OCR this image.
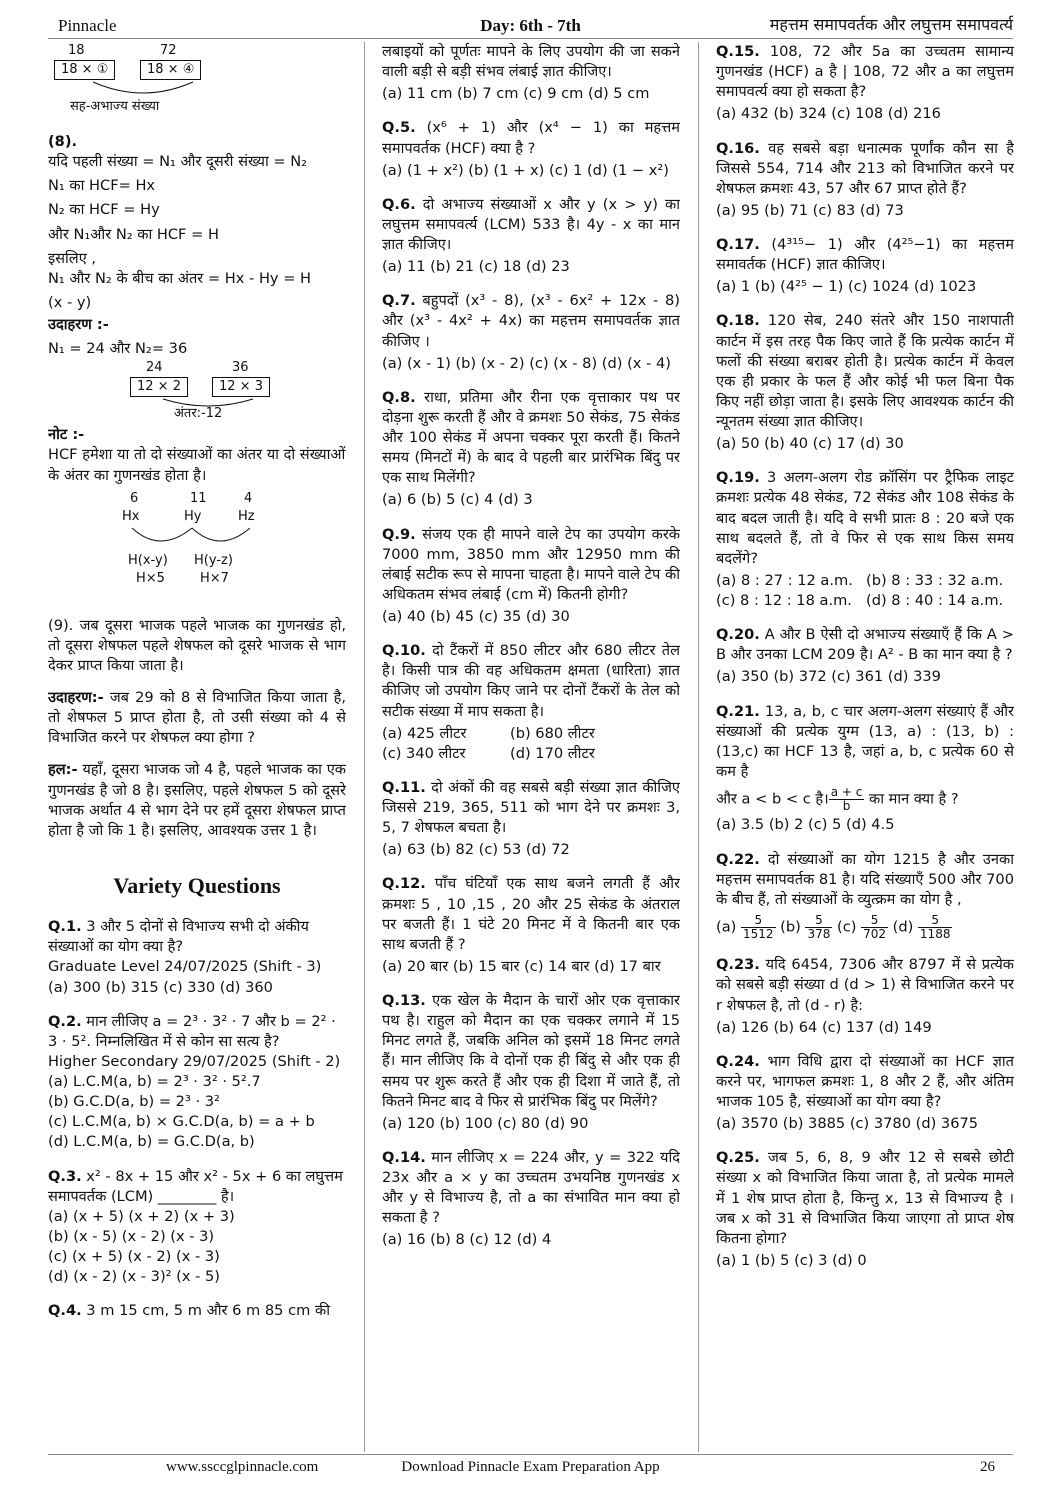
Pinnacle	Day: 6th - 7th	महत्तम समापवर्तक और लघुत्तम समापवर्त्य
18	72
18 × ①	18 × ④
सह-अभाज्य संख्या

(8).

यदि पहली संख्या = N₁ और दूसरी संख्या = N₂

N₁ का HCF= Hx

N₂ का HCF = Hy

और N₁और N₂ का HCF = H

इसलिए ,

N₁ और N₂ के बीच का अंतर = Hx - Hy = H

(x - y)

उदाहरण :-

N₁ = 24 और N₂= 36

24	36
12 × 2	12 × 3
अंतर:-12

नोट :-

HCF हमेशा या तो दो संख्याओं का अंतर या दो संख्याओं के अंतर का गुणनखंड होता है।

6	11	4
Hx	Hy	Hz
H(x-y) H(y-z)
H×5	H×7

(9). जब दूसरा भाजक पहले भाजक का गुणनखंड हो, तो दूसरा शेषफल पहले शेषफल को दूसरे भाजक से भाग देकर प्राप्त किया जाता है।

उदाहरण:- जब 29 को 8 से विभाजित किया जाता है, तो शेषफल 5 प्राप्त होता है, तो उसी संख्या को 4 से विभाजित करने पर शेषफल क्या होगा ?

हल:- यहाँ, दूसरा भाजक जो 4 है, पहले भाजक का एक गुणनखंड है जो 8 है। इसलिए, पहले शेषफल 5 को दूसरे भाजक अर्थात 4 से भाग देने पर हमें दूसरा शेषफल प्राप्त होता है जो कि 1 है। इसलिए, आवश्यक उत्तर 1 है।

Variety Questions

Q.1. 3 और 5 दोनों से विभाज्य सभी दो अंकीय संख्याओं का योग क्या है?

Graduate Level 24/07/2025 (Shift - 3)

(a) 300 (b) 315 (c) 330 (d) 360

Q.2. मान लीजिए a = 2³ · 3² · 7 और b = 2² · 3 · 5². निम्नलिखित में से कोन सा सत्य है?

Higher Secondary 29/07/2025 (Shift - 2)

(a) L.C.M(a, b) = 2³ · 3² · 5².7

(b) G.C.D(a, b) = 2³ · 3²

(c) L.C.M(a, b) × G.C.D(a, b) = a + b

(d) L.C.M(a, b) = G.C.D(a, b)

Q.3. x² - 8x + 15 और x² - 5x + 6 का लघुत्तम समापवर्तक (LCM) ________ है।

(a) (x + 5) (x + 2) (x + 3)

(b) (x - 5) (x - 2) (x - 3)

(c) (x + 5) (x - 2) (x - 3)

(d) (x - 2) (x - 3)² (x - 5)

Q.4. 3 m 15 cm, 5 m और 6 m 85 cm की

लबाइयों को पूर्णतः मापने के लिए उपयोग की जा सकने वाली बड़ी से बड़ी संभव लंबाई ज्ञात कीजिए।

(a) 11 cm (b) 7 cm (c) 9 cm (d) 5 cm

Q.5. (x⁶ + 1) और (x⁴ − 1) का महत्तम समापवर्तक (HCF) क्या है ?

(a) (1 + x²) (b) (1 + x) (c) 1 (d) (1 − x²)

Q.6. दो अभाज्य संख्याओं x और y (x > y) का लघुत्तम समापवर्त्य (LCM) 533 है। 4y - x का मान ज्ञात कीजिए।

(a) 11 (b) 21 (c) 18 (d) 23

Q.7. बहुपदों (x³ - 8), (x³ - 6x² + 12x - 8) और (x³ - 4x² + 4x) का महत्तम समापवर्तक ज्ञात कीजिए ।

(a) (x - 1) (b) (x - 2) (c) (x - 8) (d) (x - 4)

Q.8. राधा, प्रतिमा और रीना एक वृत्ताकार पथ पर दोड़ना शुरू करती हैं और वे क्रमशः 50 सेकंड, 75 सेकंड और 100 सेकंड में अपना चक्कर पूरा करती हैं। कितने समय (मिनटों में) के बाद वे पहली बार प्रारंभिक बिंदु पर एक साथ मिलेंगी?

(a) 6 (b) 5 (c) 4 (d) 3

Q.9. संजय एक ही मापने वाले टेप का उपयोग करके 7000 mm, 3850 mm और 12950 mm की लंबाई सटीक रूप से मापना चाहता है। मापने वाले टेप की अधिकतम संभव लंबाई (cm में) कितनी होगी?

(a) 40 (b) 45 (c) 35 (d) 30

Q.10. दो टैंकरों में 850 लीटर और 680 लीटर तेल है। किसी पात्र की वह अधिकतम क्षमता (धारिता) ज्ञात कीजिए जो उपयोग किए जाने पर दोनों टैंकरों के तेल को सटीक संख्या में माप सकता है।

(a) 425 लीटर	(b) 680 लीटर

(c) 340 लीटर	(d) 170 लीटर

Q.11. दो अंकों की वह सबसे बड़ी संख्या ज्ञात कीजिए जिससे 219, 365, 511 को भाग देने पर क्रमशः 3, 5, 7 शेषफल बचता है।

(a) 63 (b) 82 (c) 53 (d) 72

Q.12. पाँच घंटियाँ एक साथ बजने लगती हैं और क्रमशः 5 , 10 ,15 , 20 और 25 सेकंड के अंतराल पर बजती हैं। 1 घंटे 20 मिनट में वे कितनी बार एक साथ बजती हैं ?

(a) 20 बार (b) 15 बार (c) 14 बार (d) 17 बार

Q.13. एक खेल के मैदान के चारों ओर एक वृत्ताकार पथ है। राहुल को मैदान का एक चक्कर लगाने में 15 मिनट लगते हैं, जबकि अनिल को इसमें 18 मिनट लगते हैं। मान लीजिए कि वे दोनों एक ही बिंदु से और एक ही समय पर शुरू करते हैं और एक ही दिशा में जाते हैं, तो कितने मिनट बाद वे फिर से प्रारंभिक बिंदु पर मिलेंगे?

(a) 120 (b) 100 (c) 80 (d) 90

Q.14. मान लीजिए x = 224 और, y = 322 यदि 23x और a × y का उच्चतम उभयनिष्ठ गुणनखंड x और y से विभाज्य है, तो a का संभावित मान क्या हो सकता है ?

(a) 16 (b) 8 (c) 12 (d) 4

Q.15. 108, 72 और 5a का उच्चतम सामान्य गुणनखंड (HCF) a है | 108, 72 और a का लघुत्तम समापवर्त्य क्या हो सकता है?

(a) 432 (b) 324 (c) 108 (d) 216

Q.16. वह सबसे बड़ा धनात्मक पूर्णांक कौन सा है जिससे 554, 714 और 213 को विभाजित करने पर शेषफल क्रमशः 43, 57 और 67 प्राप्त होते हैं?

(a) 95 (b) 71 (c) 83 (d) 73

Q.17. (4³¹⁵− 1) और (4²⁵−1) का महत्तम समावर्तक (HCF) ज्ञात कीजिए।

(a) 1 (b) (4²⁵ − 1) (c) 1024 (d) 1023

Q.18. 120 सेब, 240 संतरे और 150 नाशपाती कार्टन में इस तरह पैक किए जाते हैं कि प्रत्येक कार्टन में फलों की संख्या बराबर होती है। प्रत्येक कार्टन में केवल एक ही प्रकार के फल हैं और कोई भी फल बिना पैक किए नहीं छोड़ा जाता है। इसके लिए आवश्यक कार्टन की न्यूनतम संख्या ज्ञात कीजिए।

(a) 50 (b) 40 (c) 17 (d) 30

Q.19. 3 अलग-अलग रोड क्रॉसिंग पर ट्रैफिक लाइट क्रमशः प्रत्येक 48 सेकंड, 72 सेकंड और 108 सेकंड के बाद बदल जाती है। यदि वे सभी प्रातः 8 : 20 बजे एक साथ बदलते हैं, तो वे फिर से एक साथ किस समय बदलेंगे?

(a) 8 : 27 : 12 a.m. (b) 8 : 33 : 32 a.m.

(c) 8 : 12 : 18 a.m. (d) 8 : 40 : 14 a.m.

Q.20. A और B ऐसी दो अभाज्य संख्याएँ हैं कि A > B और उनका LCM 209 है। A² - B का मान क्या है ?

(a) 350 (b) 372 (c) 361 (d) 339

Q.21. 13, a, b, c चार अलग-अलग संख्याएं हैं और संख्याओं की प्रत्येक युग्म (13, a) : (13, b) : (13,c) का HCF 13 है, जहां a, b, c प्रत्येक 60 से कम है

और a < b < c है। $\frac{a + c}{b}$ का मान क्या है ?

(a) 3.5 (b) 2 (c) 5 (d) 4.5

Q.22. दो संख्याओं का योग 1215 है और उनका महत्तम समापवर्तक 81 है। यदि संख्याएँ 500 और 700 के बीच हैं, तो संख्याओं के व्युत्क्रम का योग है ,

$(a) \frac{5}{1512} (b) \frac{5}{378} (c) \frac{5}{702} (d) \frac{5}{1188}$

Q.23. यदि 6454, 7306 और 8797 में से प्रत्येक को सबसे बड़ी संख्या d (d > 1) से विभाजित करने पर r शेषफल है, तो (d - r) है:

(a) 126 (b) 64 (c) 137 (d) 149

Q.24. भाग विधि द्वारा दो संख्याओं का HCF ज्ञात करने पर, भागफल क्रमशः 1, 8 और 2 हैं, और अंतिम भाजक 105 है, संख्याओं का योग क्या है?

(a) 3570 (b) 3885 (c) 3780 (d) 3675

Q.25. जब 5, 6, 8, 9 और 12 से सबसे छोटी संख्या x को विभाजित किया जाता है, तो प्रत्येक मामले में 1 शेष प्राप्त होता है, किन्तु x, 13 से विभाज्य है । जब x को 31 से विभाजित किया जाएगा तो प्राप्त शेष कितना होगा?

(a) 1 (b) 5 (c) 3 (d) 0

www.ssccglpinnacle.com	Download Pinnacle Exam Preparation App	26
